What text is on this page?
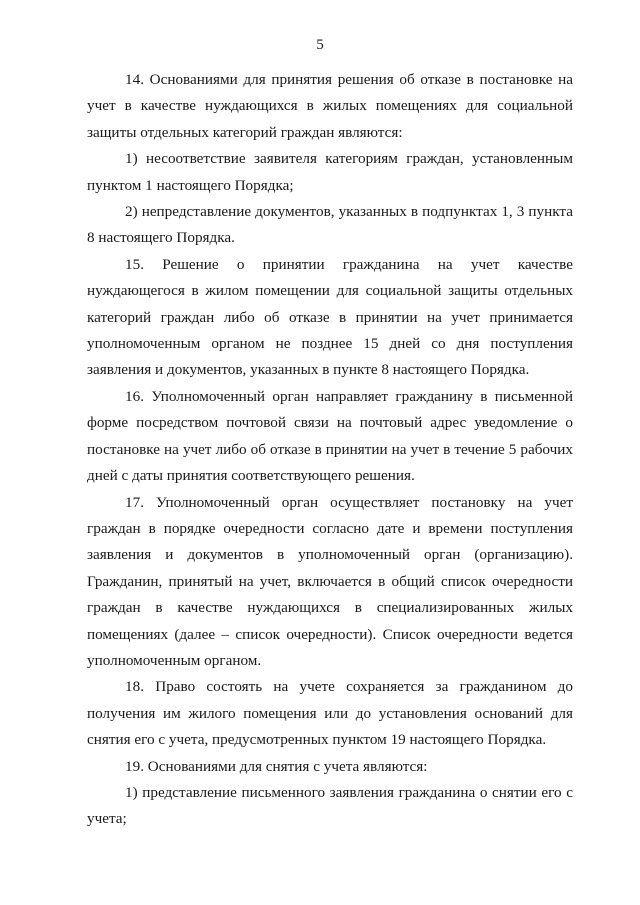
5

14. Основаниями для принятия решения об отказе в постановке на учет в качестве нуждающихся в жилых помещениях для социальной защиты отдельных категорий граждан являются:

1) несоответствие заявителя категориям граждан, установленным пунктом 1 настоящего Порядка;

2) непредставление документов, указанных в подпунктах 1, 3 пункта 8 настоящего Порядка.

15. Решение о принятии гражданина на учет качестве нуждающегося в жилом помещении для социальной защиты отдельных категорий граждан либо об отказе в принятии на учет принимается уполномоченным органом не позднее 15 дней со дня поступления заявления и документов, указанных в пункте 8 настоящего Порядка.

16. Уполномоченный орган направляет гражданину в письменной форме посредством почтовой связи на почтовый адрес уведомление о постановке на учет либо об отказе в принятии на учет в течение 5 рабочих дней с даты принятия соответствующего решения.

17. Уполномоченный орган осуществляет постановку на учет граждан в порядке очередности согласно дате и времени поступления заявления и документов в уполномоченный орган (организацию). Гражданин, принятый на учет, включается в общий список очередности граждан в качестве нуждающихся в специализированных жилых помещениях (далее – список очередности). Список очередности ведется уполномоченным органом.

18. Право состоять на учете сохраняется за гражданином до получения им жилого помещения или до установления оснований для снятия его с учета, предусмотренных пунктом 19 настоящего Порядка.

19. Основаниями для снятия с учета являются:

1) представление письменного заявления гражданина о снятии его с учета;
